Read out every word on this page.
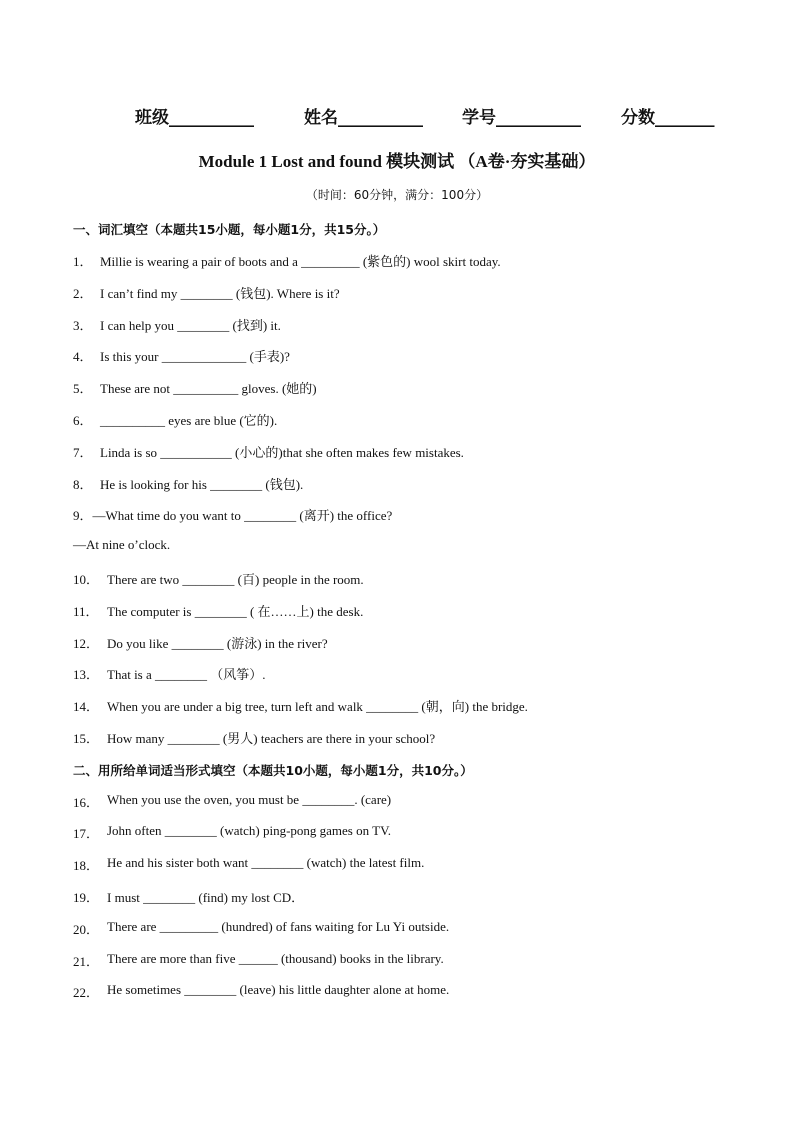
班级__________	姓名__________ 学号__________ 分数_______
Module 1 Lost and found 模块测试 （A卷·夯实基础）
（时间：60分钟，满分：100分）
一、词汇填空（本题共15小题，每小题1分，共15分。）
1． Millie is wearing a pair of boots and a _________ (紫色的) wool skirt today.
2． I can’t find my ________ (钱包). Where is it?
3． I can help you ________ (找到) it.
4． Is this your _____________ (手表)?
5． These are not __________ gloves. (她的)
6． __________ eyes are blue (它的).
7． Linda is so ___________ (小心的)that she often makes few mistakes.
8． He is looking for his ________ (钱包).
9．—What time do you want to ________ (离开) the office?
—At nine o’clock.
10． There are two ________ (百) people in the room.
11． The computer is ________ ( 在……上) the desk.
12． Do you like ________ (游泳) in the river?
13． That is a ________ （风筝）.
14． When you are under a big tree, turn left and walk ________ (朝，向) the bridge.
15． How many ________ (男人) teachers are there in your school?
二、用所给单词适当形式填空（本题共10小题，每小题1分，共10分。）
16． When you use the oven, you must be ________. (care)
17． John often ________ (watch) ping-pong games on TV.
18． He and his sister both want ________ (watch) the latest film.
19． I must ________ (find) my lost CD．
20． There are _________ (hundred) of fans waiting for Lu Yi outside.
21． There are more than five ______ (thousand) books in the library.
22． He sometimes ________ (leave) his little daughter alone at home.
